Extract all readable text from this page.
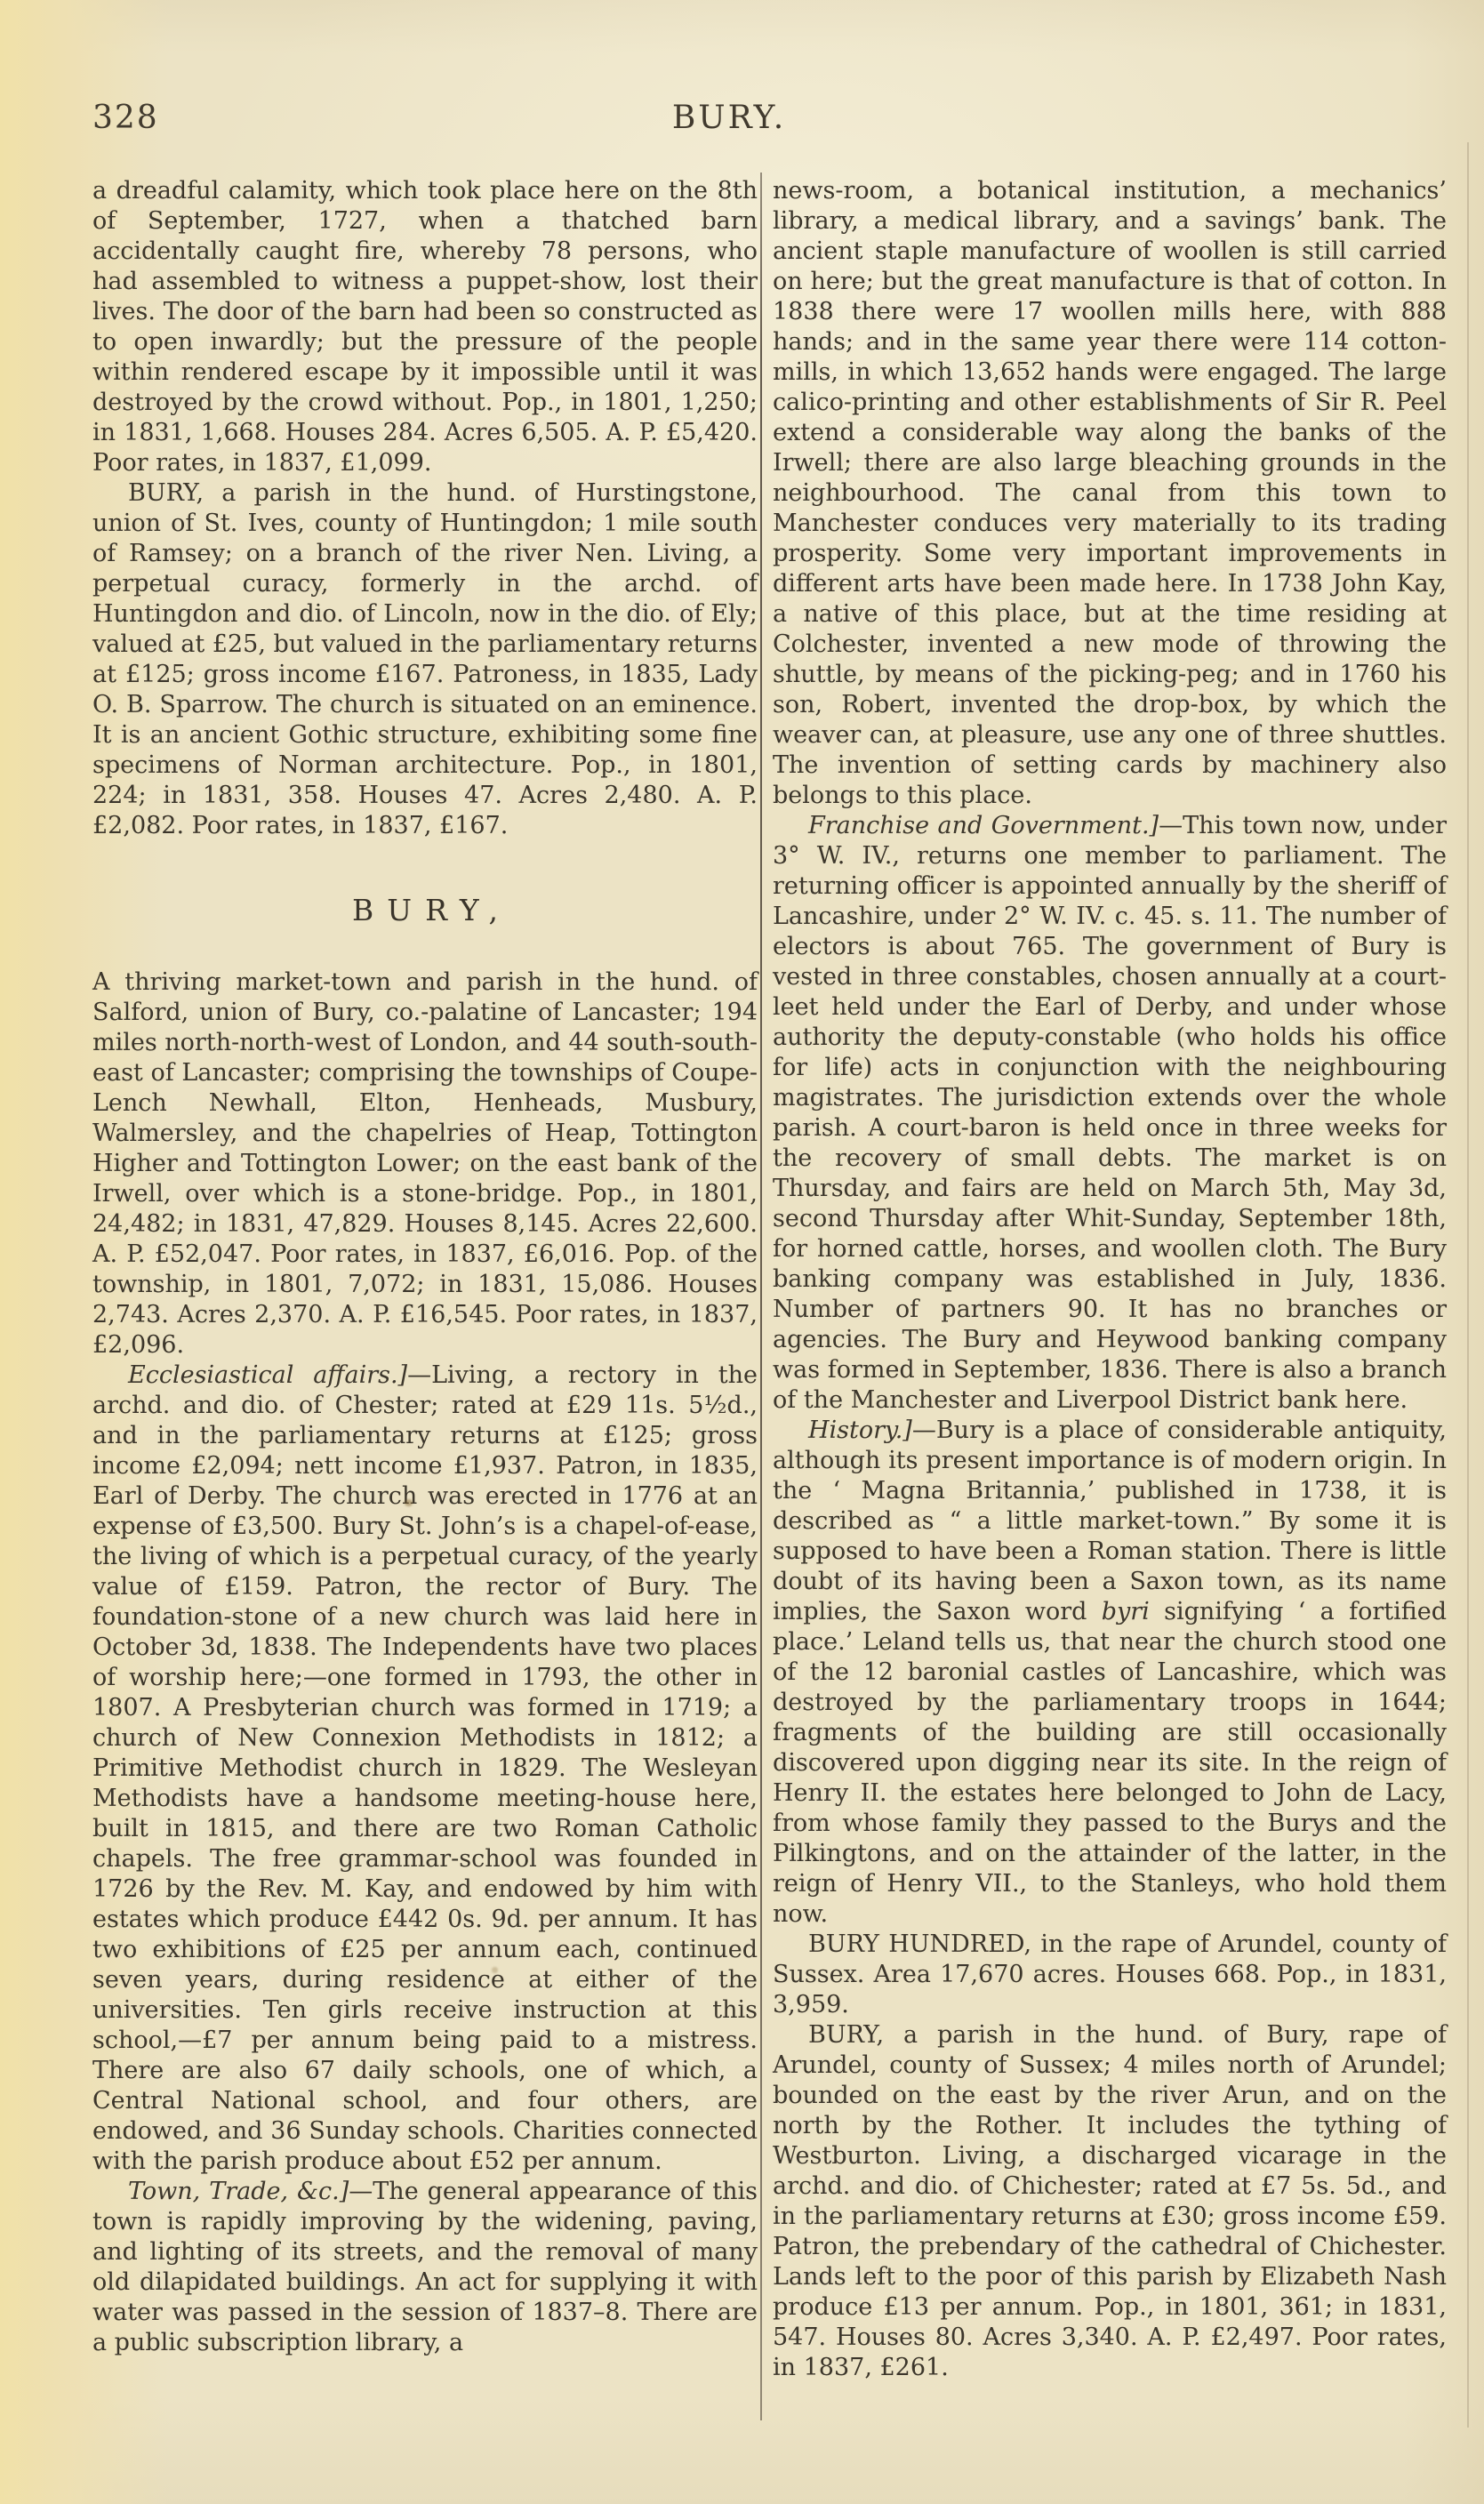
328	BURY.

a dreadful calamity, which took place here on the 8th of September, 1727, when a thatched barn accidentally caught fire, whereby 78 persons, who had assembled to witness a puppet-show, lost their lives. The door of the barn had been so constructed as to open inwardly; but the pressure of the people within rendered escape by it impossible until it was destroyed by the crowd without. Pop., in 1801, 1,250; in 1831, 1,668. Houses 284. Acres 6,505. A. P. £5,420. Poor rates, in 1837, £1,099.

BURY, a parish in the hund. of Hurstingstone, union of St. Ives, county of Huntingdon; 1 mile south of Ramsey; on a branch of the river Nen. Living, a perpetual curacy, formerly in the archd. of Huntingdon and dio. of Lincoln, now in the dio. of Ely; valued at £25, but valued in the parliamentary returns at £125; gross income £167. Patroness, in 1835, Lady O. B. Sparrow. The church is situated on an eminence. It is an ancient Gothic structure, exhibiting some fine specimens of Norman architecture. Pop., in 1801, 224; in 1831, 358. Houses 47. Acres 2,480. A. P. £2,082. Poor rates, in 1837, £167.

BURY,

A thriving market-town and parish in the hund. of Salford, union of Bury, co.-palatine of Lancaster; 194 miles north-north-west of London, and 44 south-south-east of Lancaster; comprising the townships of Coupe-Lench Newhall, Elton, Henheads, Musbury, Walmersley, and the chapelries of Heap, Tottington Higher and Tottington Lower; on the east bank of the Irwell, over which is a stone-bridge. Pop., in 1801, 24,482; in 1831, 47,829. Houses 8,145. Acres 22,600. A. P. £52,047. Poor rates, in 1837, £6,016. Pop. of the township, in 1801, 7,072; in 1831, 15,086. Houses 2,743. Acres 2,370. A. P. £16,545. Poor rates, in 1837, £2,096.

Ecclesiastical affairs.]—Living, a rectory in the archd. and dio. of Chester; rated at £29 11s. 5½d., and in the parliamentary returns at £125; gross income £2,094; nett income £1,937. Patron, in 1835, Earl of Derby. The church was erected in 1776 at an expense of £3,500. Bury St. John’s is a chapel-of-ease, the living of which is a perpetual curacy, of the yearly value of £159. Patron, the rector of Bury. The foundation-stone of a new church was laid here in October 3d, 1838. The Independents have two places of worship here;—one formed in 1793, the other in 1807. A Presbyterian church was formed in 1719; a church of New Connexion Methodists in 1812; a Primitive Methodist church in 1829. The Wesleyan Methodists have a handsome meeting-house here, built in 1815, and there are two Roman Catholic chapels. The free grammar-school was founded in 1726 by the Rev. M. Kay, and endowed by him with estates which produce £442 0s. 9d. per annum. It has two exhibitions of £25 per annum each, continued seven years, during residence at either of the universities. Ten girls receive instruction at this school,—£7 per annum being paid to a mistress. There are also 67 daily schools, one of which, a Central National school, and four others, are endowed, and 36 Sunday schools. Charities connected with the parish produce about £52 per annum.

Town, Trade, &c.]—The general appearance of this town is rapidly improving by the widening, paving, and lighting of its streets, and the removal of many old dilapidated buildings. An act for supplying it with water was passed in the session of 1837–8. There are a public subscription library, a

news-room, a botanical institution, a mechanics’ library, a medical library, and a savings’ bank. The ancient staple manufacture of woollen is still carried on here; but the great manufacture is that of cotton. In 1838 there were 17 woollen mills here, with 888 hands; and in the same year there were 114 cotton-mills, in which 13,652 hands were engaged. The large calico-printing and other establishments of Sir R. Peel extend a considerable way along the banks of the Irwell; there are also large bleaching grounds in the neighbourhood. The canal from this town to Manchester conduces very materially to its trading prosperity. Some very important improvements in different arts have been made here. In 1738 John Kay, a native of this place, but at the time residing at Colchester, invented a new mode of throwing the shuttle, by means of the picking-peg; and in 1760 his son, Robert, invented the drop-box, by which the weaver can, at pleasure, use any one of three shuttles. The invention of setting cards by machinery also belongs to this place.

Franchise and Government.]—This town now, under 3° W. IV., returns one member to parliament. The returning officer is appointed annually by the sheriff of Lancashire, under 2° W. IV. c. 45. s. 11. The number of electors is about 765. The government of Bury is vested in three constables, chosen annually at a court-leet held under the Earl of Derby, and under whose authority the deputy-constable (who holds his office for life) acts in conjunction with the neighbouring magistrates. The jurisdiction extends over the whole parish. A court-baron is held once in three weeks for the recovery of small debts. The market is on Thursday, and fairs are held on March 5th, May 3d, second Thursday after Whit-Sunday, September 18th, for horned cattle, horses, and woollen cloth. The Bury banking company was established in July, 1836. Number of partners 90. It has no branches or agencies. The Bury and Heywood banking company was formed in September, 1836. There is also a branch of the Manchester and Liverpool District bank here.

History.]—Bury is a place of considerable antiquity, although its present importance is of modern origin. In the ‘ Magna Britannia,’ published in 1738, it is described as “ a little market-town.” By some it is supposed to have been a Roman station. There is little doubt of its having been a Saxon town, as its name implies, the Saxon word byri signifying ‘ a fortified place.’ Leland tells us, that near the church stood one of the 12 baronial castles of Lancashire, which was destroyed by the parliamentary troops in 1644; fragments of the building are still occasionally discovered upon digging near its site. In the reign of Henry II. the estates here belonged to John de Lacy, from whose family they passed to the Burys and the Pilkingtons, and on the attainder of the latter, in the reign of Henry VII., to the Stanleys, who hold them now.

BURY HUNDRED, in the rape of Arundel, county of Sussex. Area 17,670 acres. Houses 668. Pop., in 1831, 3,959.

BURY, a parish in the hund. of Bury, rape of Arundel, county of Sussex; 4 miles north of Arundel; bounded on the east by the river Arun, and on the north by the Rother. It includes the tything of Westburton. Living, a discharged vicarage in the archd. and dio. of Chichester; rated at £7 5s. 5d., and in the parliamentary returns at £30; gross income £59. Patron, the prebendary of the cathedral of Chichester. Lands left to the poor of this parish by Elizabeth Nash produce £13 per annum. Pop., in 1801, 361; in 1831, 547. Houses 80. Acres 3,340. A. P. £2,497. Poor rates, in 1837, £261.
